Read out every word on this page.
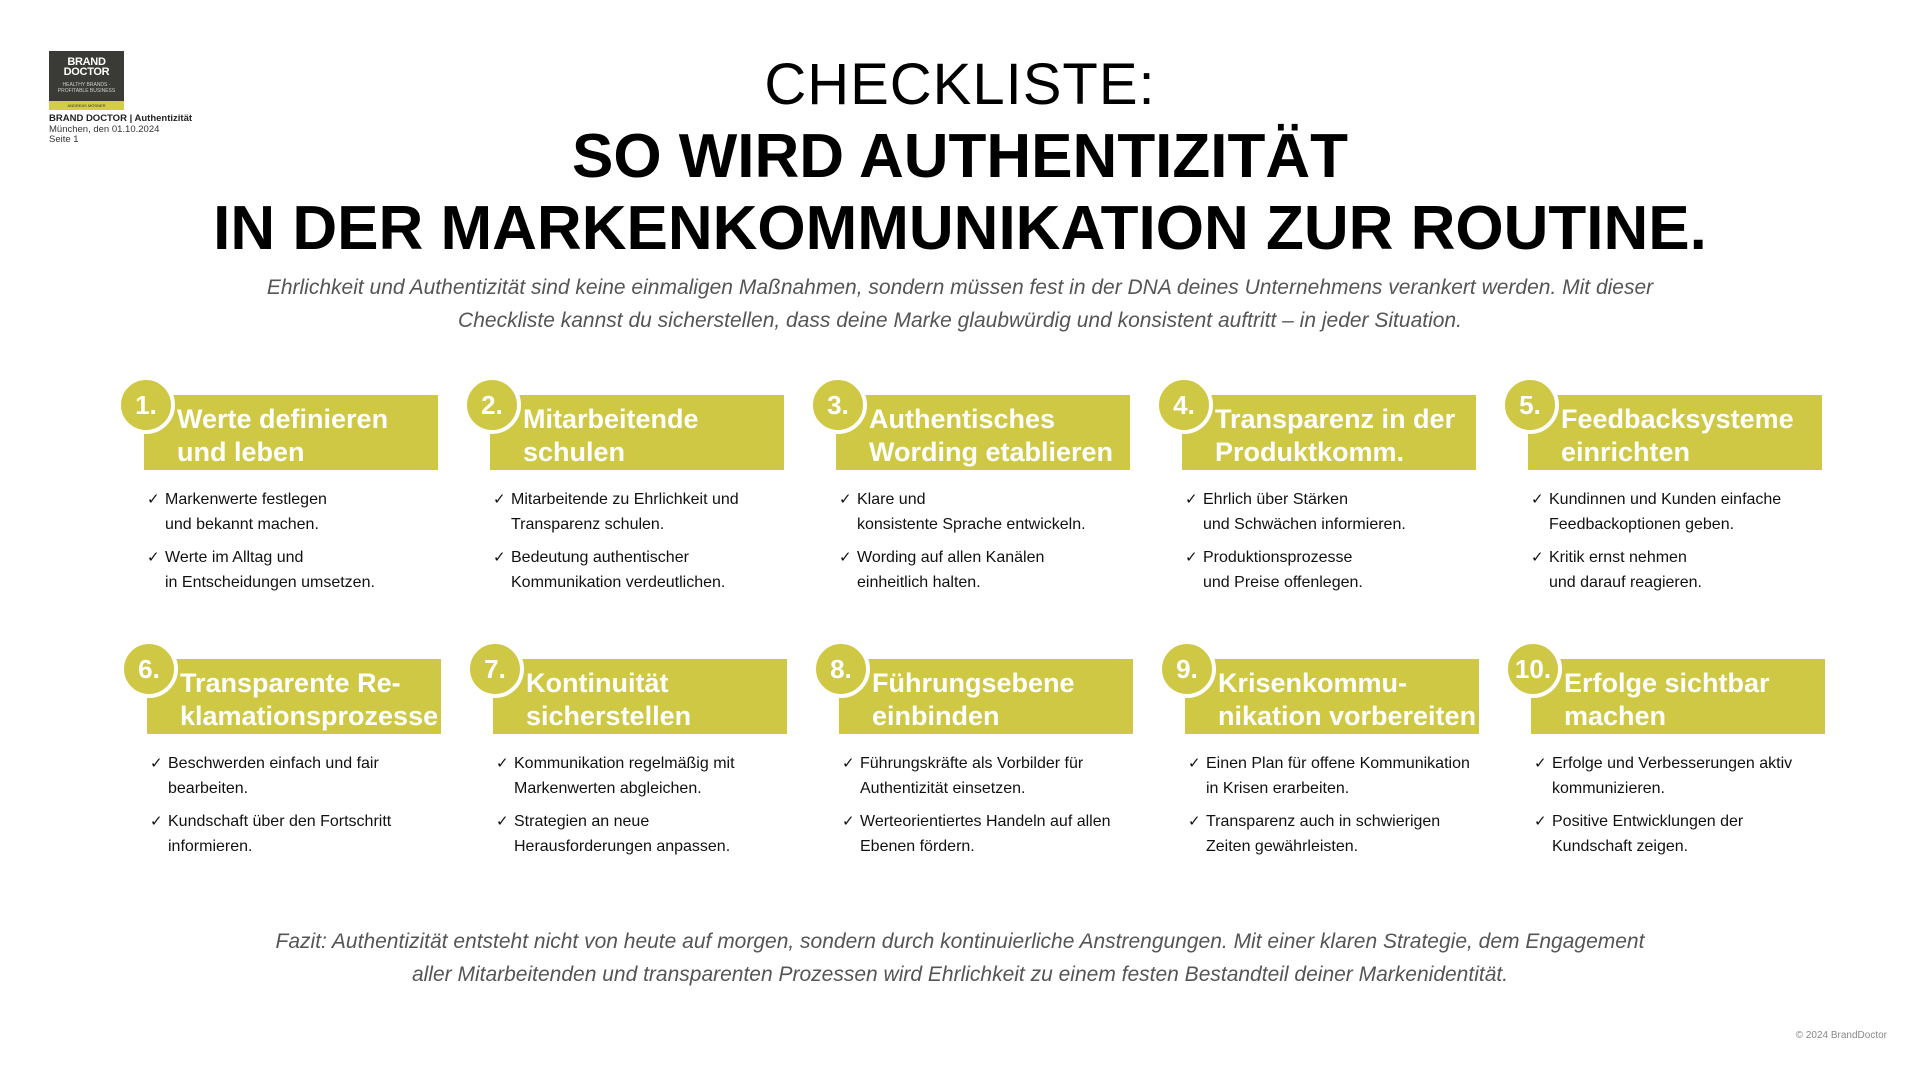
BRAND
DOCTOR
HEALTHY BRANDS · PROFITABLE BUSINESS
ANDREAS MÖSNER
BRAND DOCTOR | Authentizität
München, den 01.10.2024
Seite 1
CHECKLISTE:
SO WIRD AUTHENTIZITÄT
IN DER MARKENKOMMUNIKATION ZUR ROUTINE.
Ehrlichkeit und Authentizität sind keine einmaligen Maßnahmen, sondern müssen fest in der DNA deines Unternehmens verankert werden. Mit dieser
Checkliste kannst du sicherstellen, dass deine Marke glaubwürdig und konsistent auftritt – in jeder Situation.
Werte definieren
und leben
1.
✓ Markenwerte festlegen
und bekannt machen.
✓ Werte im Alltag und
in Entscheidungen umsetzen.
Mitarbeitende
schulen
2.
✓ Mitarbeitende zu Ehrlichkeit und
Transparenz schulen.
✓ Bedeutung authentischer
Kommunikation verdeutlichen.
Authentisches
Wording etablieren
3.
✓ Klare und
konsistente Sprache entwickeln.
✓ Wording auf allen Kanälen
einheitlich halten.
Transparenz in der
Produktkomm.
4.
✓ Ehrlich über Stärken
und Schwächen informieren.
✓ Produktionsprozesse
und Preise offenlegen.
Feedbacksysteme
einrichten
5.
✓ Kundinnen und Kunden einfache
Feedbackoptionen geben.
✓ Kritik ernst nehmen
und darauf reagieren.
Transparente Re-
klamationsprozesse
6.
✓ Beschwerden einfach und fair
bearbeiten.
✓ Kundschaft über den Fortschritt
informieren.
Kontinuität
sicherstellen
7.
✓ Kommunikation regelmäßig mit
Markenwerten abgleichen.
✓ Strategien an neue
Herausforderungen anpassen.
Führungsebene
einbinden
8.
✓ Führungskräfte als Vorbilder für
Authentizität einsetzen.
✓ Werteorientiertes Handeln auf allen
Ebenen fördern.
Krisenkommu-
nikation vorbereiten
9.
✓ Einen Plan für offene Kommunikation
in Krisen erarbeiten.
✓ Transparenz auch in schwierigen
Zeiten gewährleisten.
Erfolge sichtbar
machen
10.
✓ Erfolge und Verbesserungen aktiv
kommunizieren.
✓ Positive Entwicklungen der
Kundschaft zeigen.
Fazit: Authentizität entsteht nicht von heute auf morgen, sondern durch kontinuierliche Anstrengungen. Mit einer klaren Strategie, dem Engagement
aller Mitarbeitenden und transparenten Prozessen wird Ehrlichkeit zu einem festen Bestandteil deiner Markenidentität.
© 2024 BrandDoctor
